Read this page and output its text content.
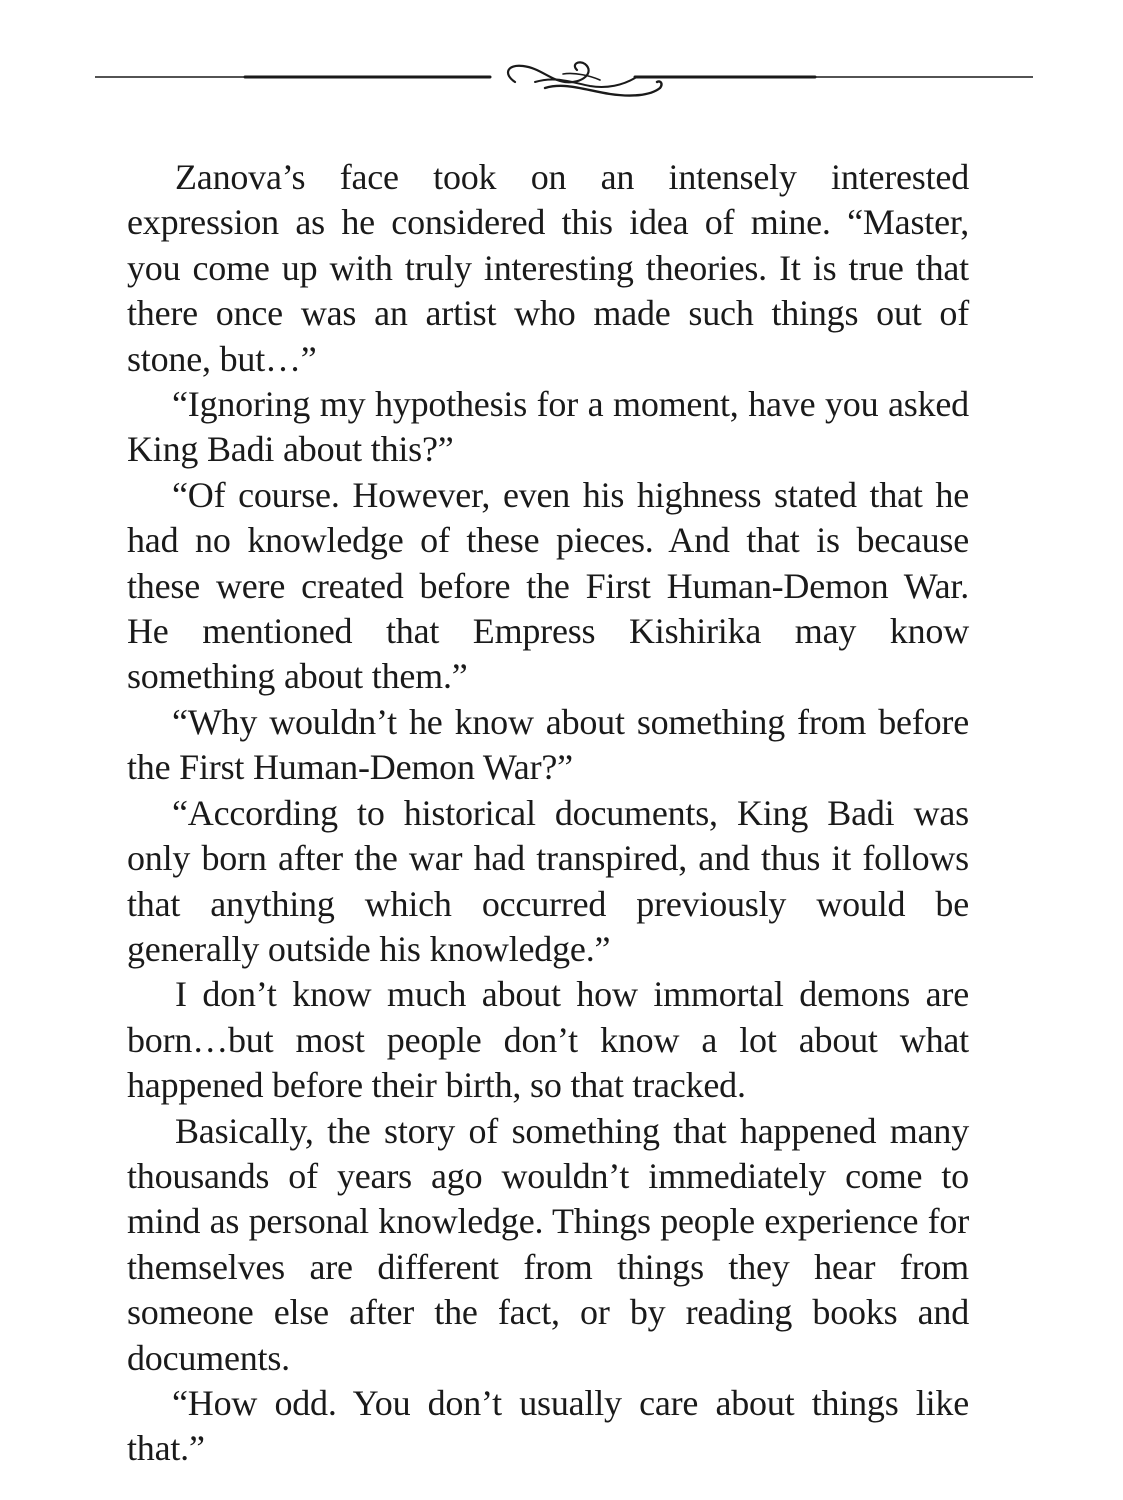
Zanova’s face took on an intensely interested expression as he considered this idea of mine. “Master, you come up with truly interesting theories. It is true that there once was an artist who made such things out of stone, but…”

“Ignoring my hypothesis for a moment, have you asked King Badi about this?”

“Of course. However, even his highness stated that he had no knowledge of these pieces. And that is because these were created before the First Human-Demon War. He mentioned that Empress Kishirika may know something about them.”

“Why wouldn’t he know about something from before the First Human-Demon War?”

“According to historical documents, King Badi was only born after the war had transpired, and thus it follows that anything which occurred previously would be generally outside his knowledge.”

I don’t know much about how immortal demons are born…but most people don’t know a lot about what happened before their birth, so that tracked.

Basically, the story of something that happened many thousands of years ago wouldn’t immediately come to mind as personal knowledge. Things people experience for themselves are different from things they hear from someone else after the fact, or by reading books and documents.

“How odd. You don’t usually care about things like that.”
